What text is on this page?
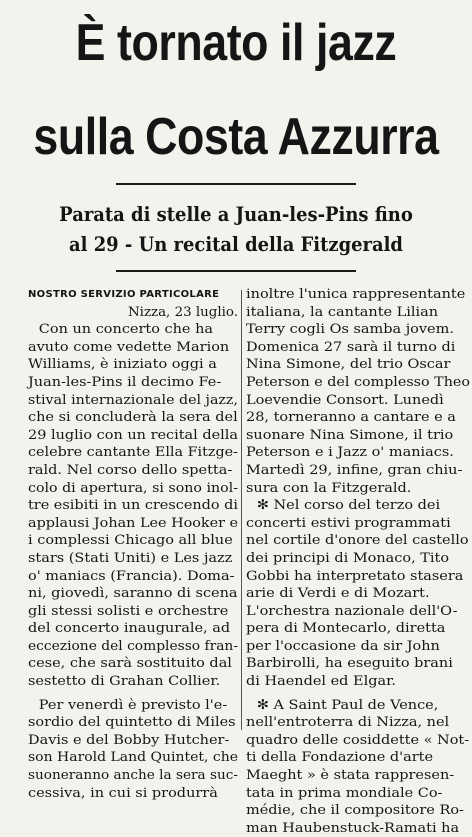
È tornato il jazz
sulla Costa Azzurra
Parata di stelle a Juan-les-Pins fino
al 29 - Un recital della Fitzgerald
NOSTRO SERVIZIO PARTICOLARE
Nizza, 23 luglio.
Con un concerto che ha
avuto come vedette Marion
Williams, è iniziato oggi a
Juan-les-Pins il decimo Fe-
stival internazionale del jazz,
che si concluderà la sera del
29 luglio con un recital della
celebre cantante Ella Fitzge-
rald. Nel corso dello spetta-
colo di apertura, si sono inol-
tre esibiti in un crescendo di
applausi Johan Lee Hooker e
i complessi Chicago all blue
stars (Stati Uniti) e Les jazz
o' maniacs (Francia). Doma-
ni, giovedì, saranno di scena
gli stessi solisti e orchestre
del concerto inaugurale, ad
eccezione del complesso fran-
cese, che sarà sostituito dal
sestetto di Grahan Collier.
Per venerdì è previsto l'e-
sordio del quintetto di Miles
Davis e del Bobby Hutcher-
son Harold Land Quintet, che
suoneranno anche la sera suc-
cessiva, in cui si produrrà
inoltre l'unica rappresentante
italiana, la cantante Lilian
Terry cogli Os samba jovem.
Domenica 27 sarà il turno di
Nina Simone, del trio Oscar
Peterson e del complesso Theo
Loevendie Consort. Lunedì
28, torneranno a cantare e a
suonare Nina Simone, il trio
Peterson e i Jazz o' maniacs.
Martedì 29, infine, gran chiu-
sura con la Fitzgerald.
✻ Nel corso del terzo dei
concerti estivi programmati
nel cortile d'onore del castello
dei principi di Monaco, Tito
Gobbi ha interpretato stasera
arie di Verdi e di Mozart.
L'orchestra nazionale dell'O-
pera di Montecarlo, diretta
per l'occasione da sir John
Barbirolli, ha eseguito brani
di Haendel ed Elgar.
✻ A Saint Paul de Vence,
nell'entroterra di Nizza, nel
quadro delle cosiddette « Not-
ti della Fondazione d'arte
Maeght » è stata rappresen-
tata in prima mondiale Co-
médie, che il compositore Ro-
man Haubenstuck-Ramati ha
